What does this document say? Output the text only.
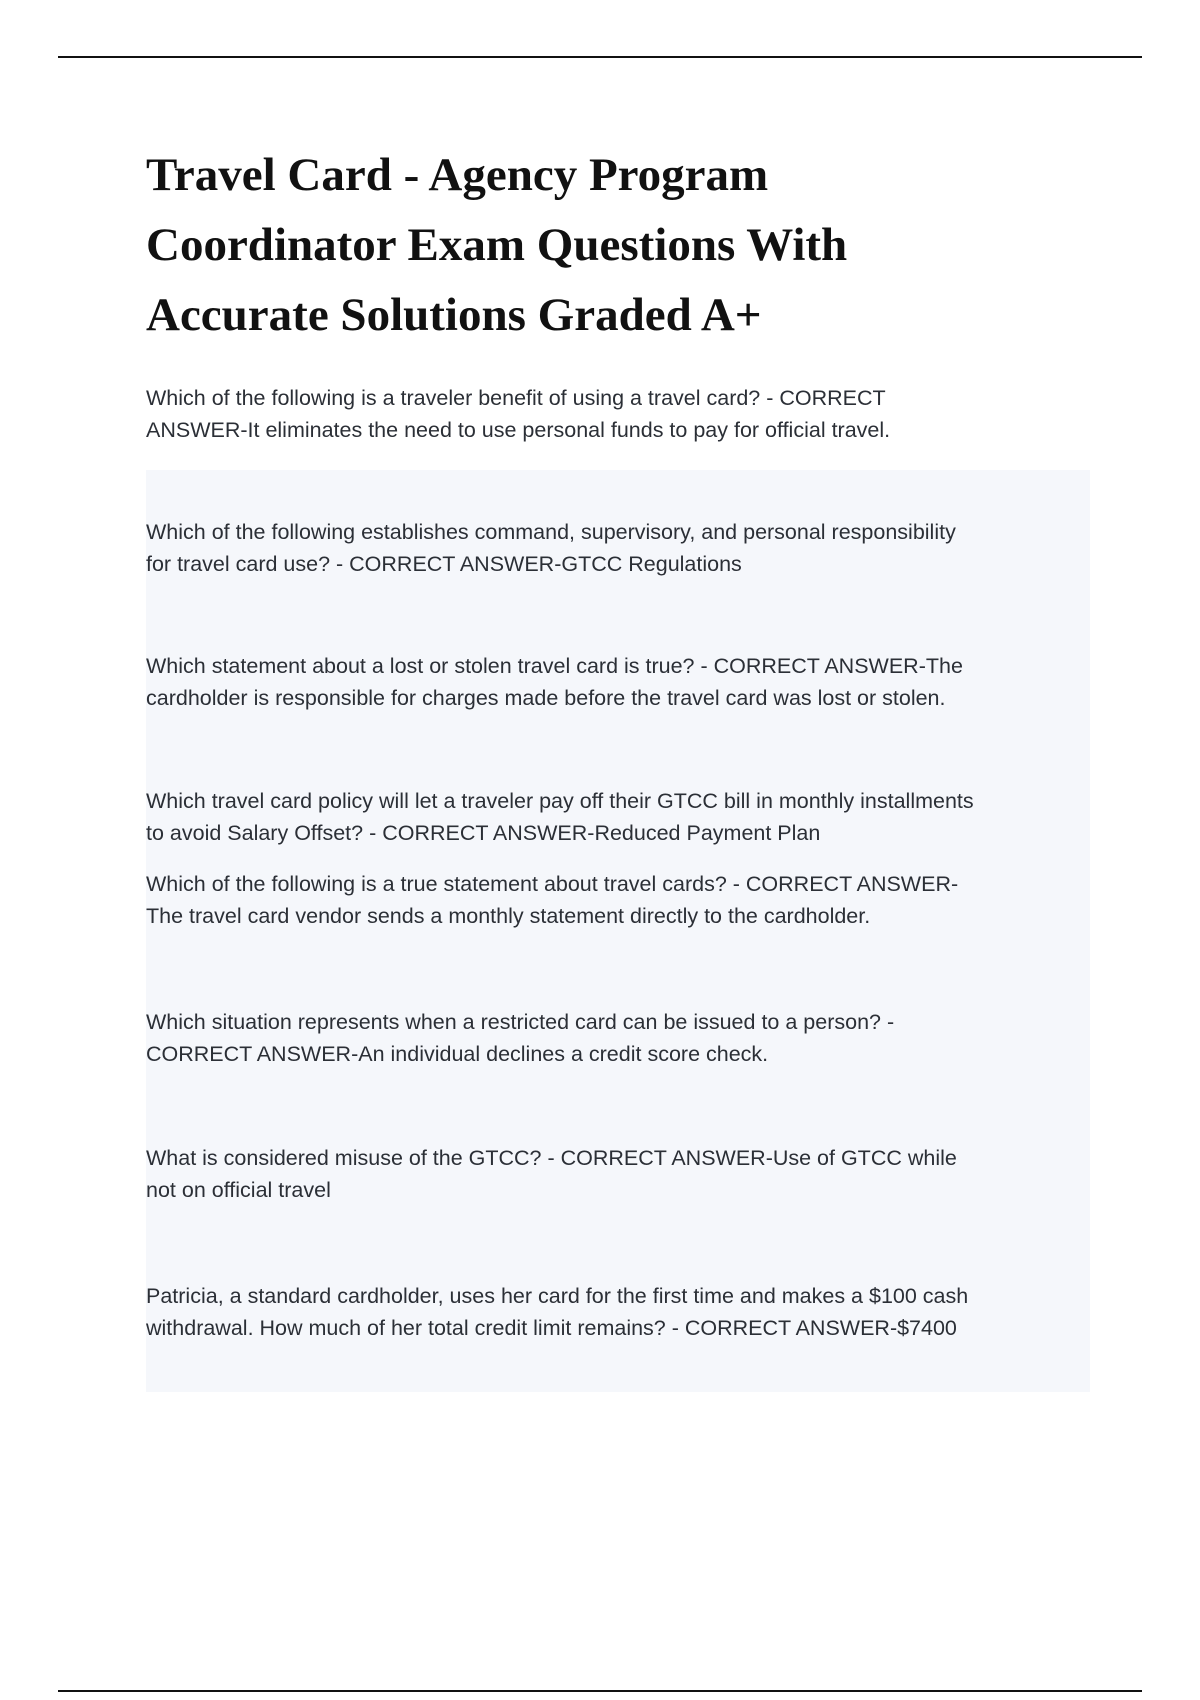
Travel Card - Agency Program
Coordinator Exam Questions With
Accurate Solutions Graded A+

Which of the following is a traveler benefit of using a travel card? - CORRECT
ANSWER-It eliminates the need to use personal funds to pay for official travel.

Which of the following establishes command, supervisory, and personal responsibility
for travel card use? - CORRECT ANSWER-GTCC Regulations

Which statement about a lost or stolen travel card is true? - CORRECT ANSWER-The
cardholder is responsible for charges made before the travel card was lost or stolen.

Which travel card policy will let a traveler pay off their GTCC bill in monthly installments
to avoid Salary Offset? - CORRECT ANSWER-Reduced Payment Plan

Which of the following is a true statement about travel cards? - CORRECT ANSWER-
The travel card vendor sends a monthly statement directly to the cardholder.

Which situation represents when a restricted card can be issued to a person? -
CORRECT ANSWER-An individual declines a credit score check.

What is considered misuse of the GTCC? - CORRECT ANSWER-Use of GTCC while
not on official travel

Patricia, a standard cardholder, uses her card for the first time and makes a $100 cash
withdrawal. How much of her total credit limit remains? - CORRECT ANSWER-$7400
